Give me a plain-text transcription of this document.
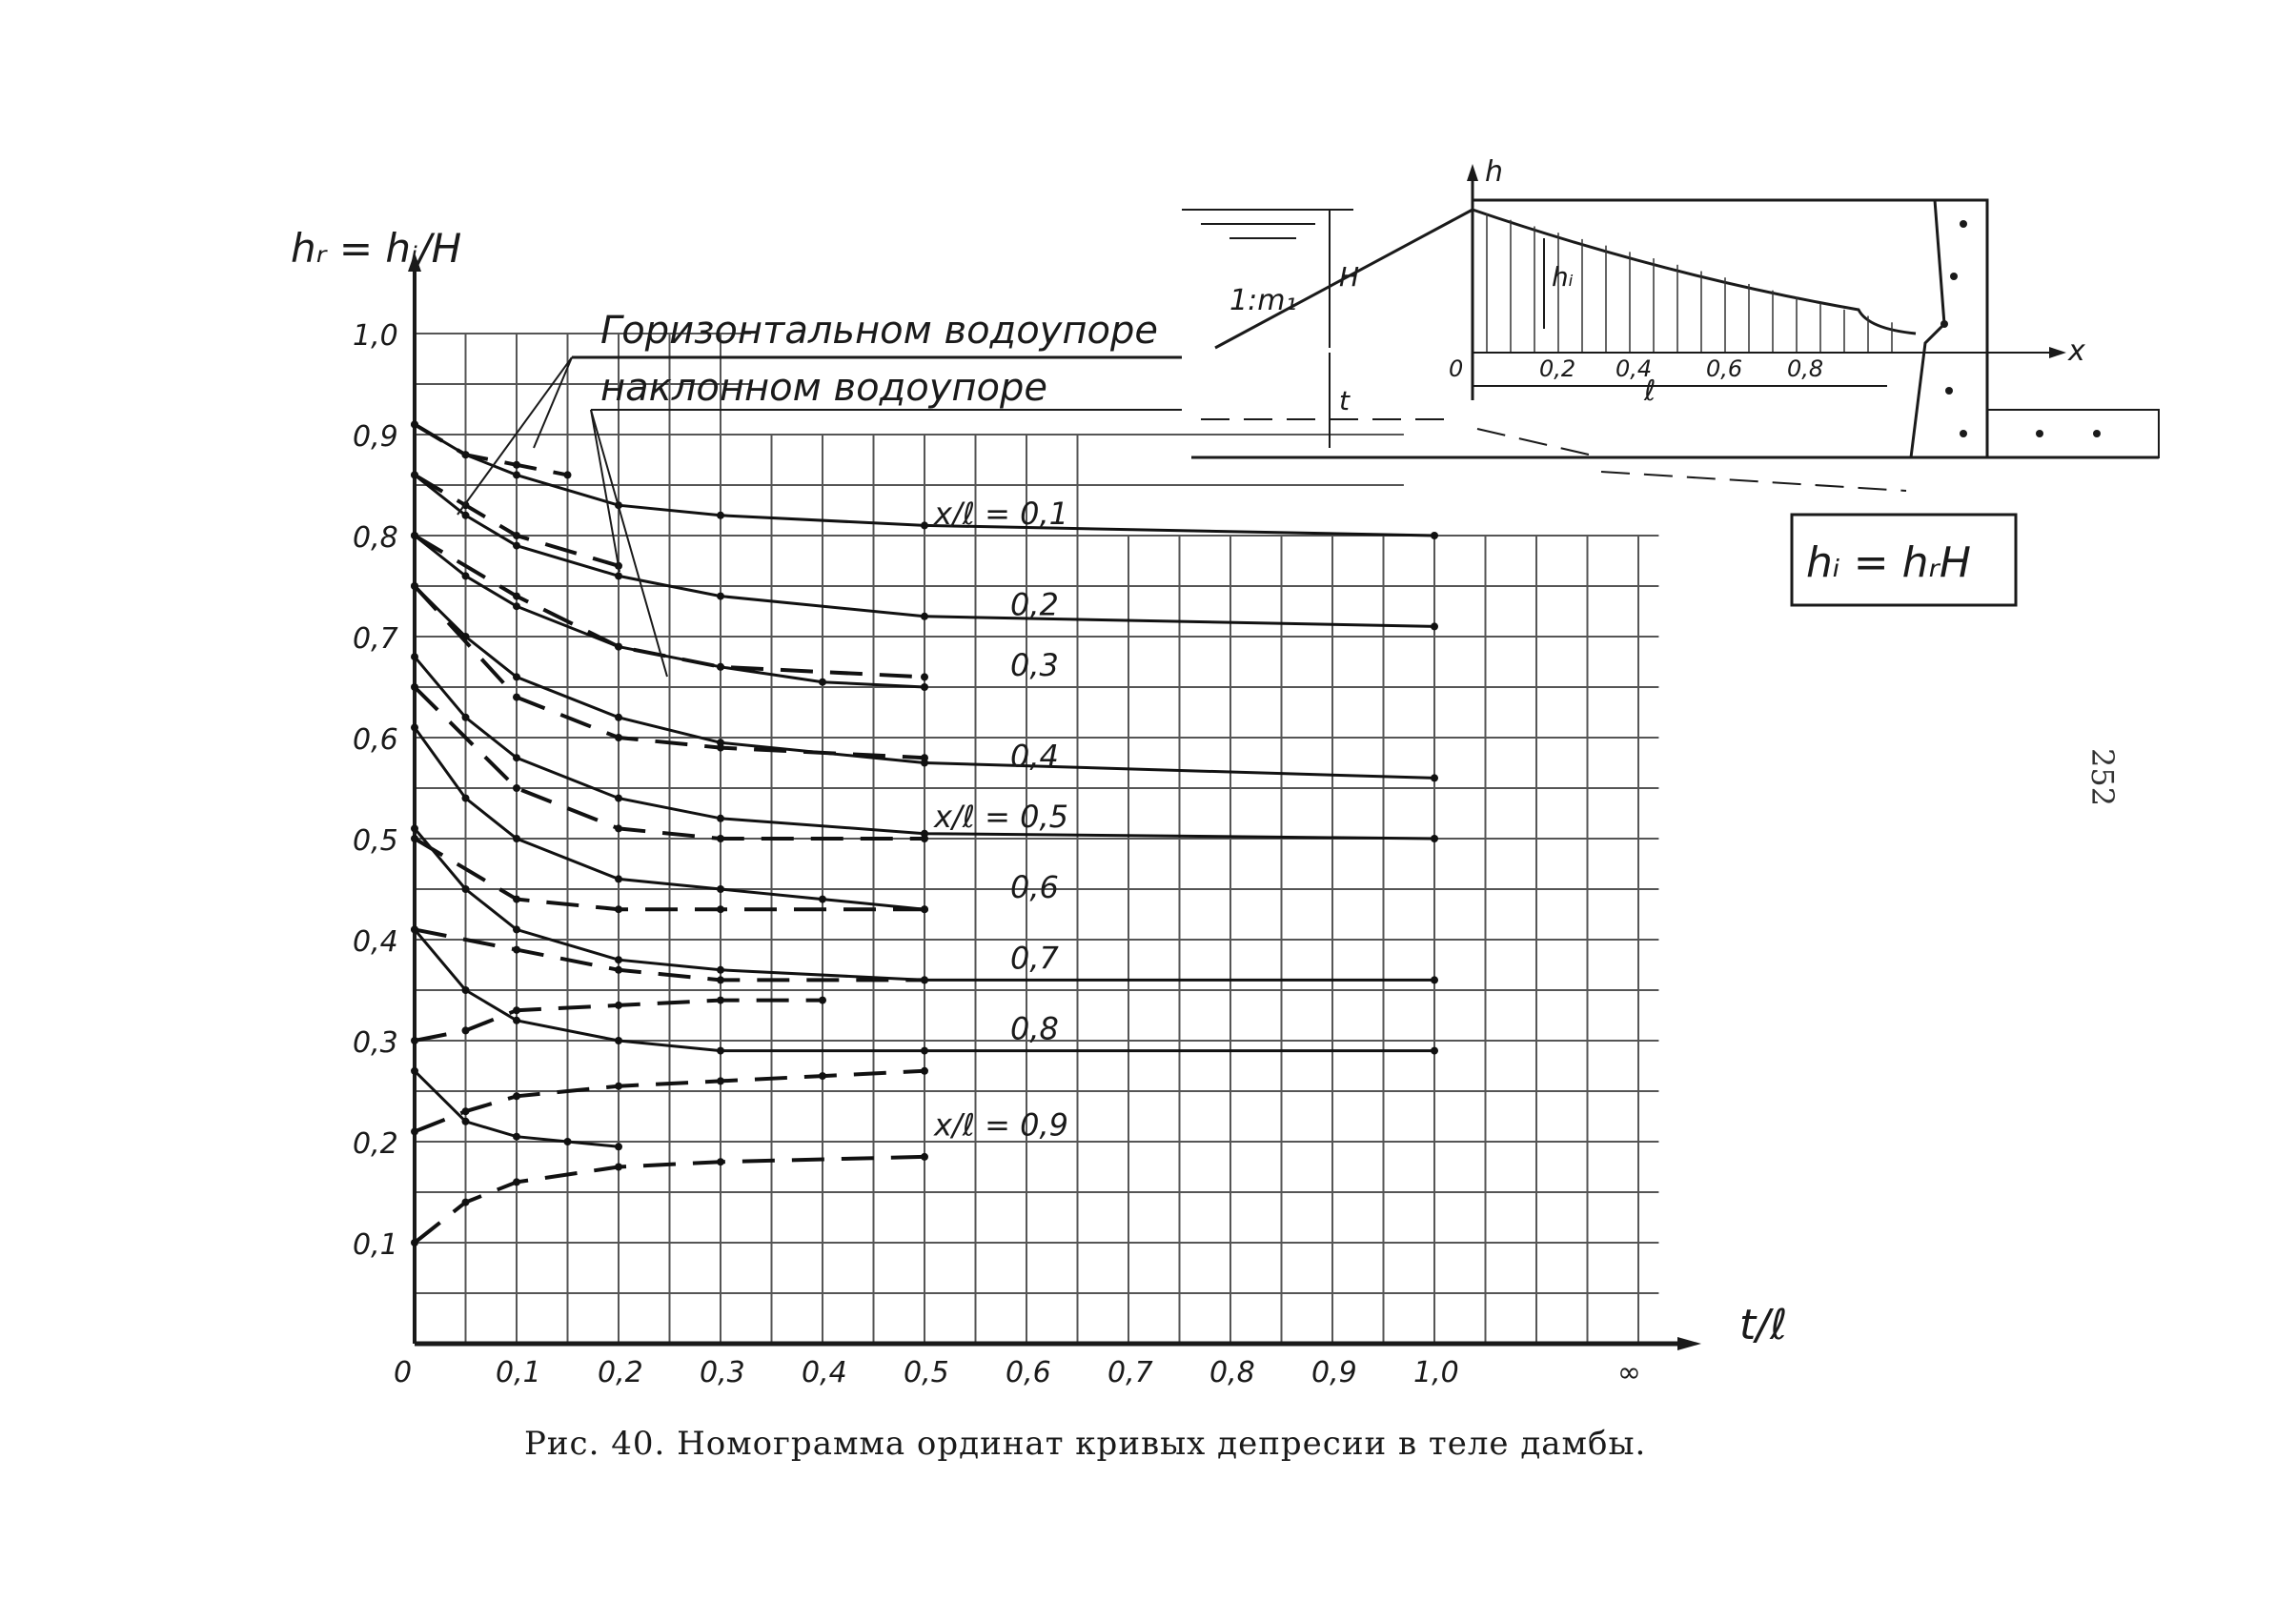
0,1
0,2
0,3
0,4
0,5
0,6
0,7
0,8
0,9
1,0
0	0,1 0,2 0,3 0,4 0,5 0,6 0,7 0,8 0,9 1,0	∞
x/ℓ = 0,1
0,2
0,3
0,4
x/ℓ = 0,5
0,6
0,7
0,8
x/ℓ = 0,9
hᵣ = hᵢ/H
t/ℓ
Горизонтальном водоупоре
наклонном водоупоре
h
x
1:m₁
H	hᵢ
t	ℓ
0	0,2 0,4 0,6 0,8
hᵢ = hᵣH
Рис. 40. Номограмма ординат кривых депресии в теле дамбы.
252
